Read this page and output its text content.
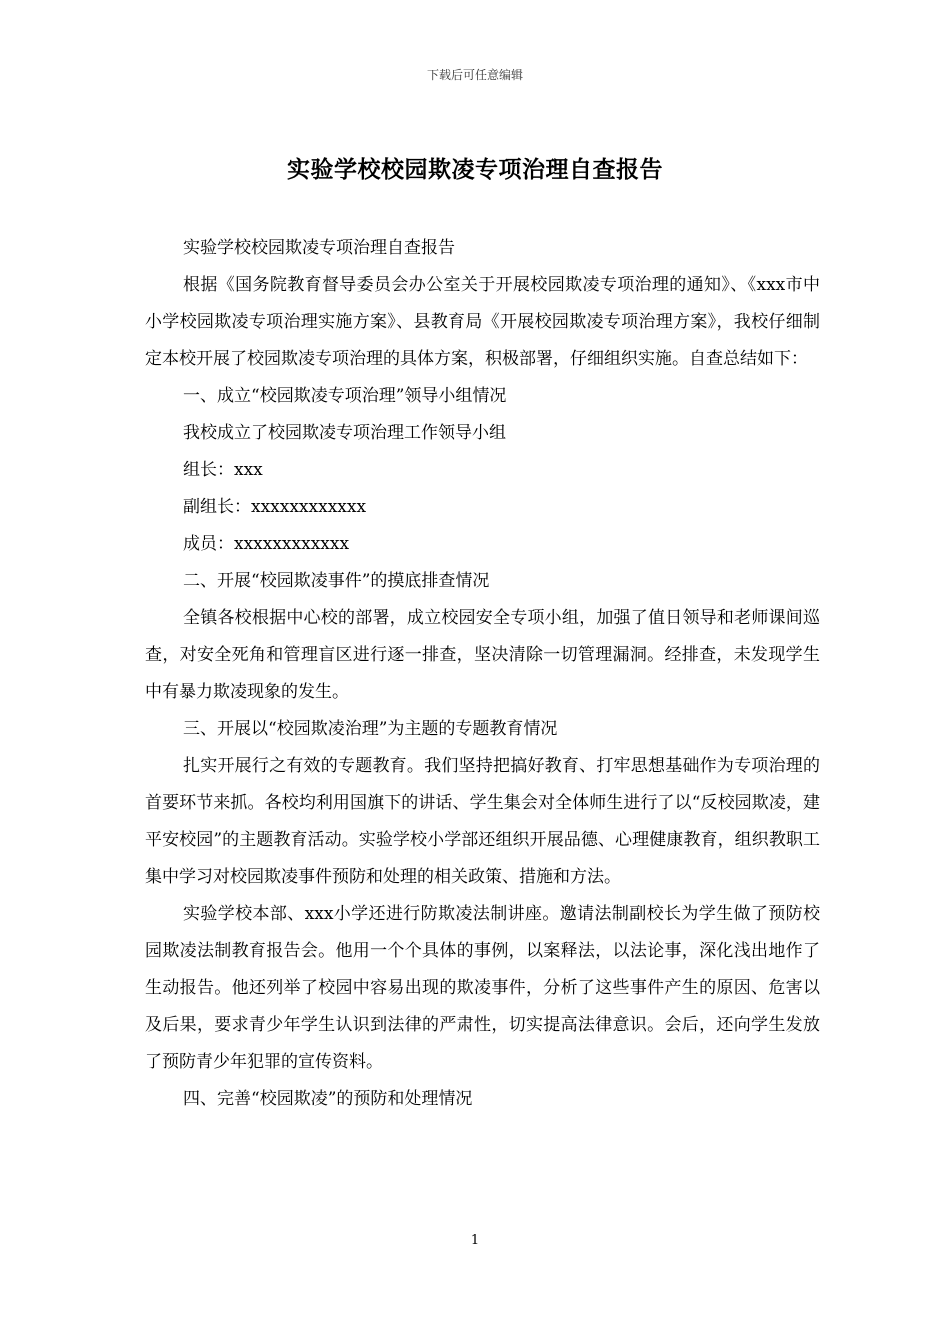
下载后可任意编辑
实验学校校园欺凌专项治理自查报告

实验学校校园欺凌专项治理自查报告

根据《国务院教育督导委员会办公室关于开展校园欺凌专项治理的通知》、《xxx市中小学校园欺凌专项治理实施方案》、县教育局《开展校园欺凌专项治理方案》，我校仔细制定本校开展了校园欺凌专项治理的具体方案，积极部署，仔细组织实施。自查总结如下：

一、成立“校园欺凌专项治理”领导小组情况

我校成立了校园欺凌专项治理工作领导小组

组长：xxx

副组长：xxxxxxxxxxxx

成员：xxxxxxxxxxxx

二、开展“校园欺凌事件”的摸底排查情况

全镇各校根据中心校的部署，成立校园安全专项小组，加强了值日领导和老师课间巡查，对安全死角和管理盲区进行逐一排查，坚决清除一切管理漏洞。经排查，未发现学生中有暴力欺凌现象的发生。

三、开展以“校园欺凌治理”为主题的专题教育情况

扎实开展行之有效的专题教育。我们坚持把搞好教育、打牢思想基础作为专项治理的首要环节来抓。各校均利用国旗下的讲话、学生集会对全体师生进行了以“反校园欺凌，建平安校园”的主题教育活动。实验学校小学部还组织开展品德、心理健康教育，组织教职工集中学习对校园欺凌事件预防和处理的相关政策、措施和方法。

实验学校本部、xxx小学还进行防欺凌法制讲座。邀请法制副校长为学生做了预防校园欺凌法制教育报告会。他用一个个具体的事例，以案释法，以法论事，深化浅出地作了生动报告。他还列举了校园中容易出现的欺凌事件，分析了这些事件产生的原因、危害以及后果，要求青少年学生认识到法律的严肃性，切实提高法律意识。会后，还向学生发放了预防青少年犯罪的宣传资料。

四、完善“校园欺凌”的预防和处理情况

1
